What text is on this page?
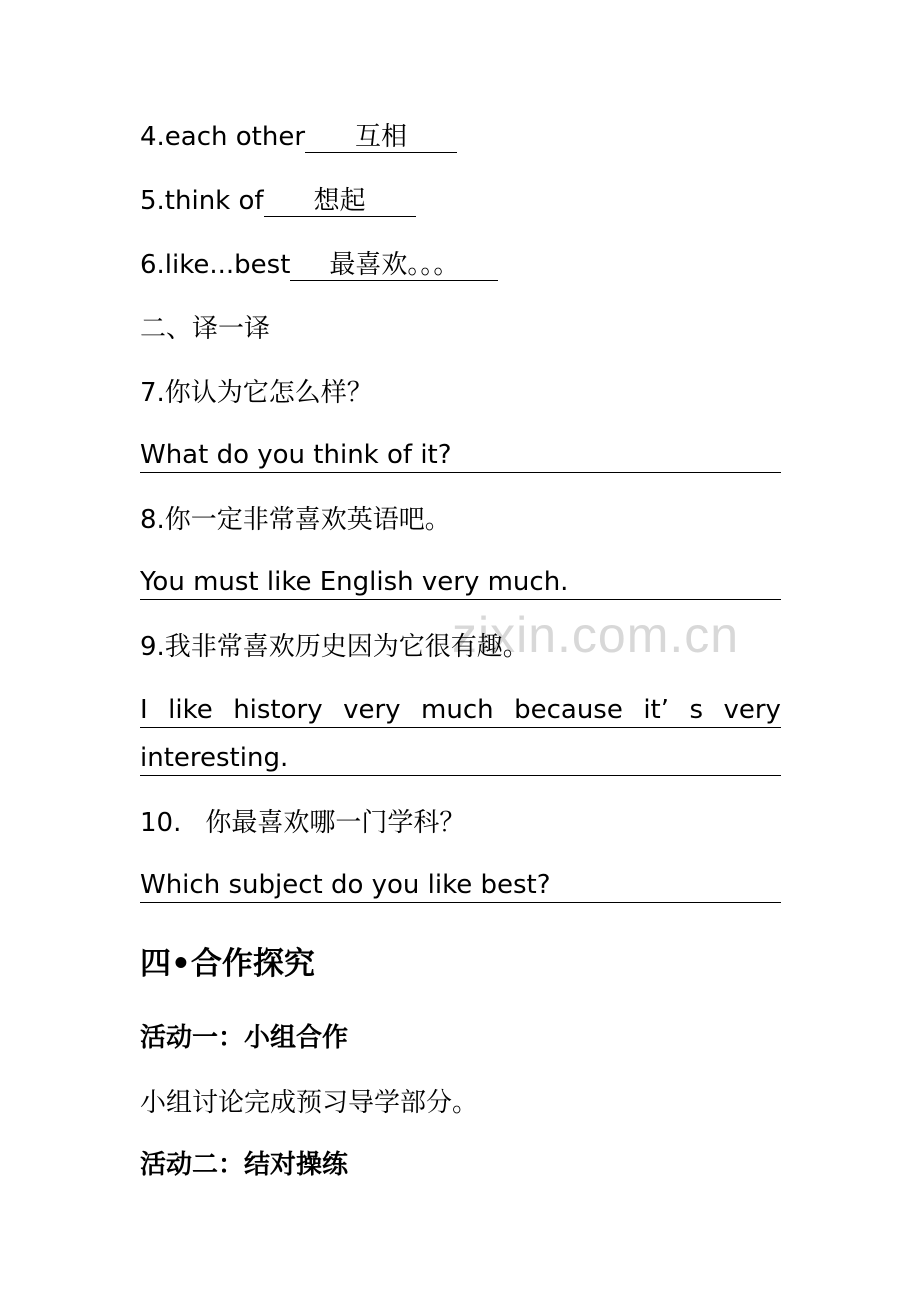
zixin.com.cn
4.each other 互相
5.think of 想起
6.like...best 最喜欢。。。
二、译一译
7.你认为它怎么样？
What do you think of it?
8.你一定非常喜欢英语吧。
You must like English very much.
9.我非常喜欢历史因为它很有趣。
I like history very much because it’ s very
interesting.
10. 你最喜欢哪一门学科？
Which subject do you like best?
四•合作探究
活动一：小组合作
小组讨论完成预习导学部分。
活动二：结对操练
